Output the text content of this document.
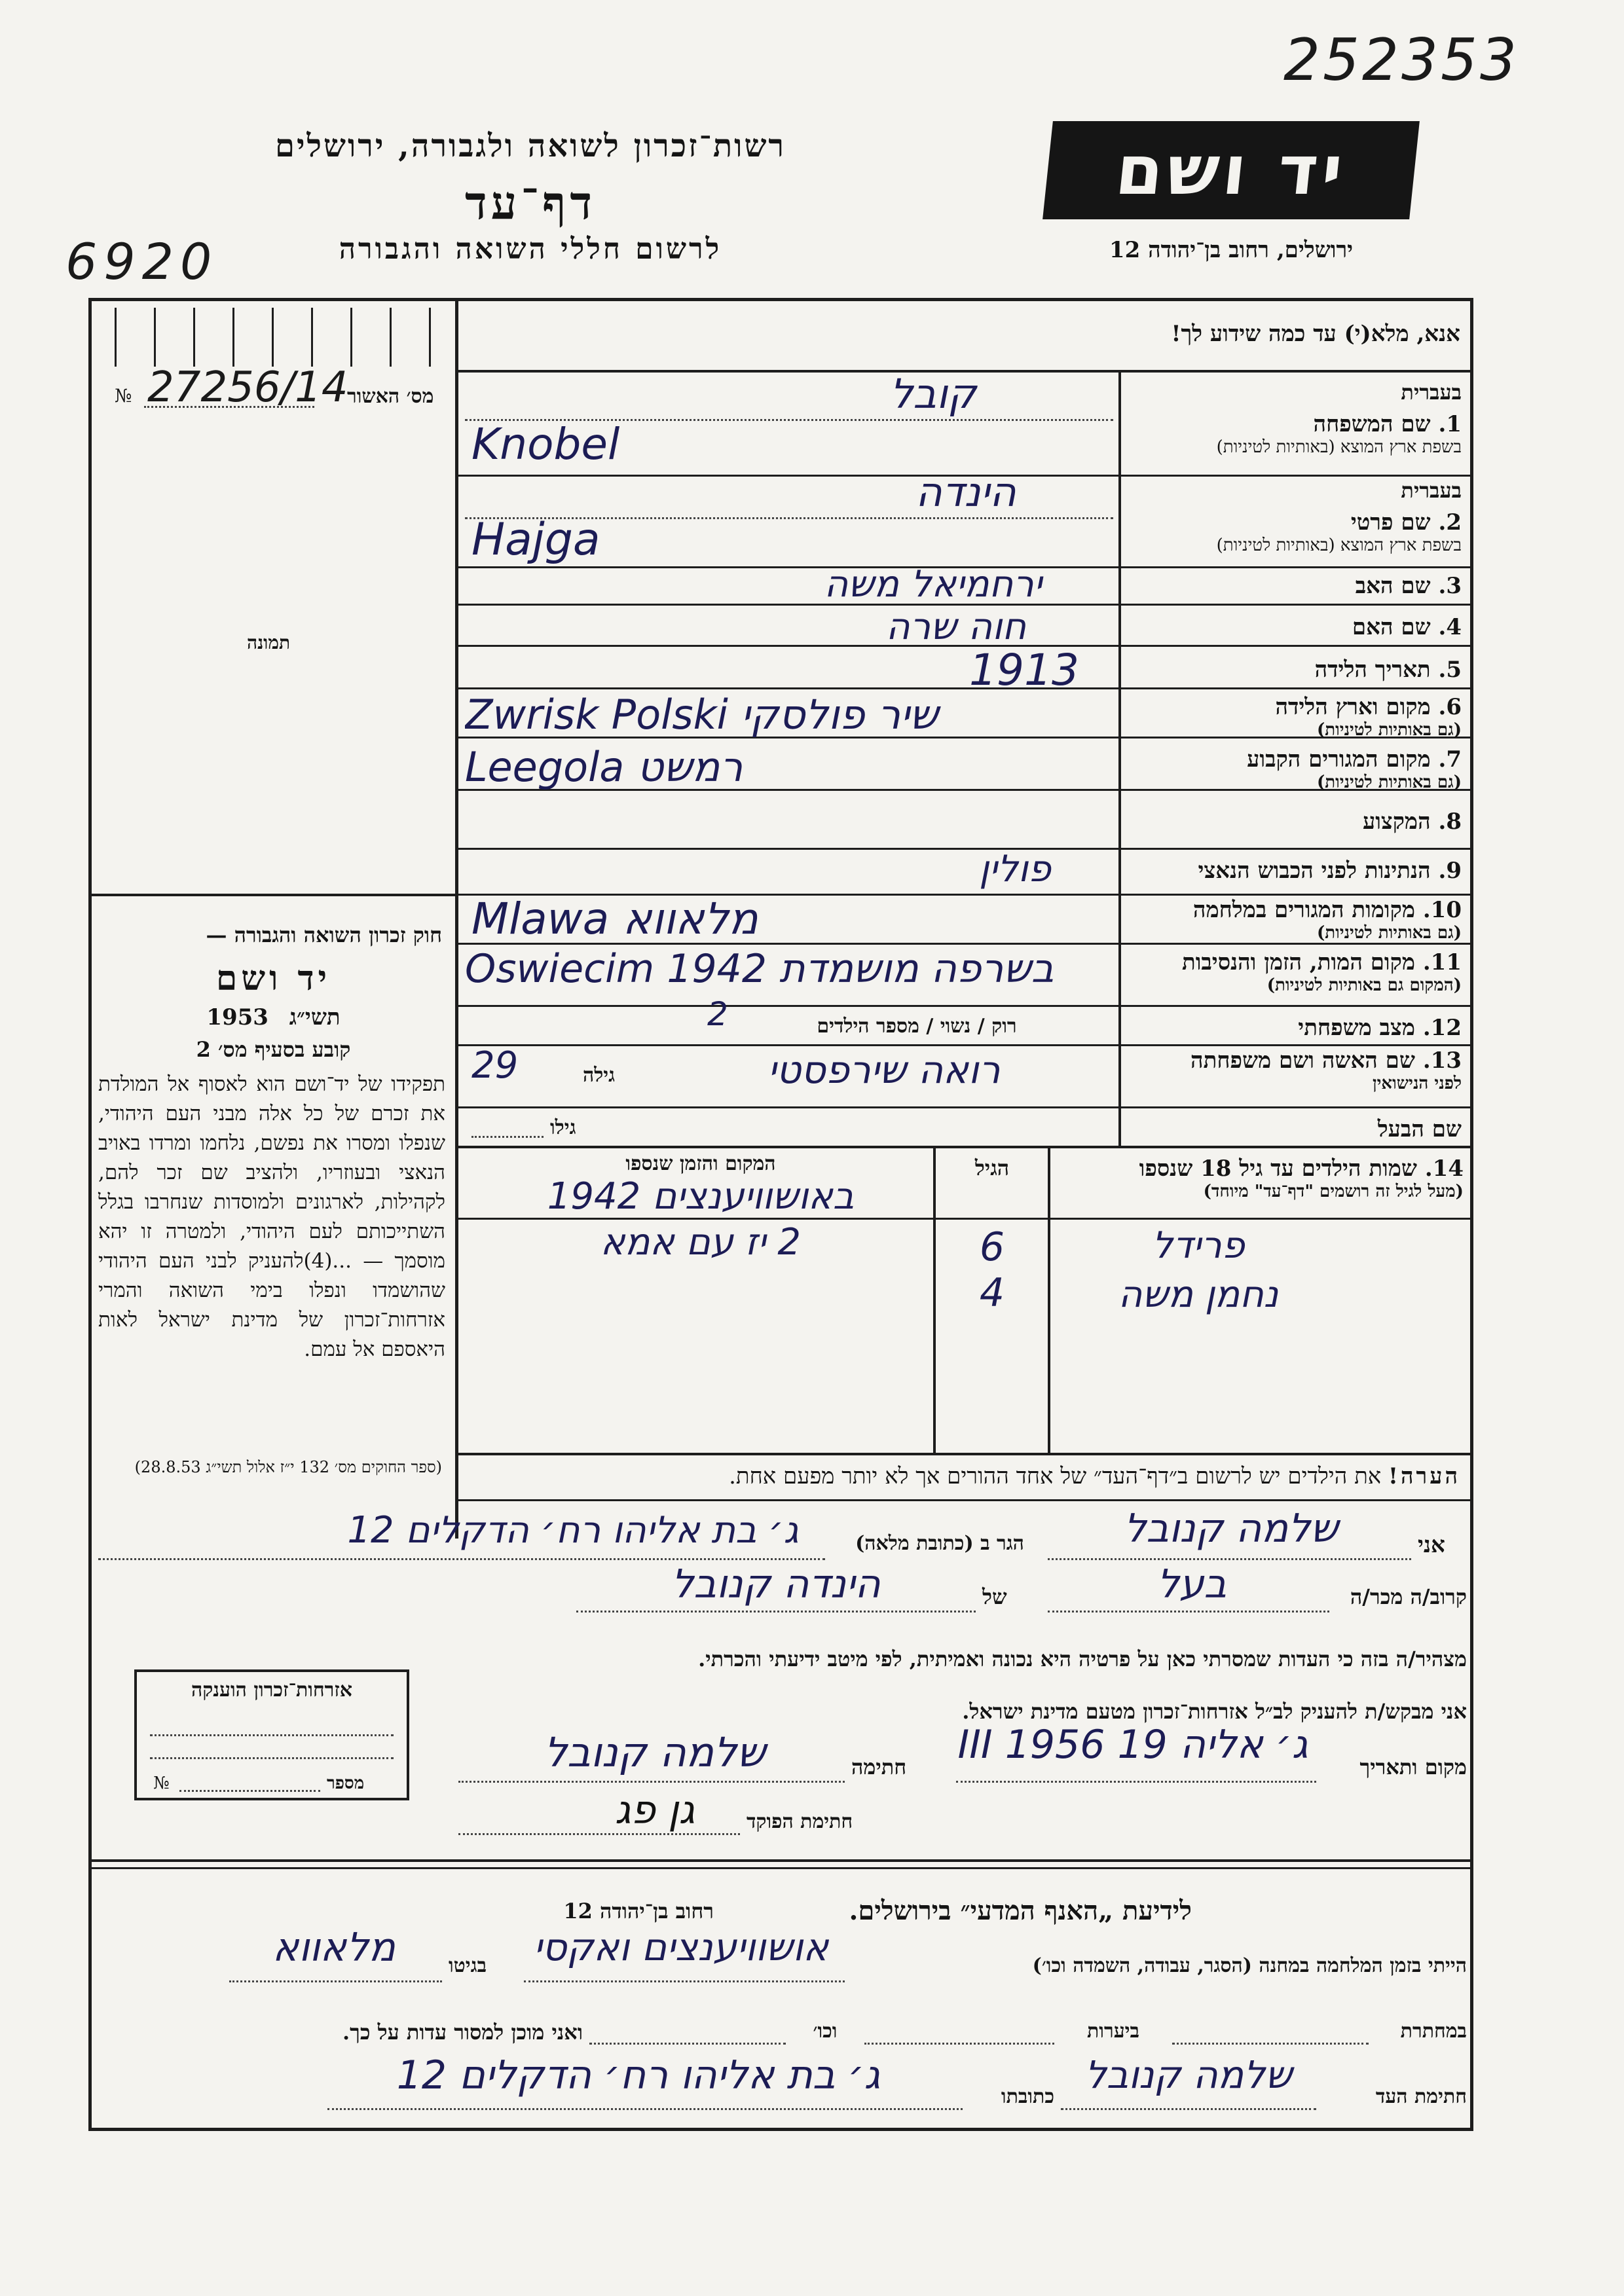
252353
6920
יד ושם
רשות־זכרון לשואה ולגבורה, ירושלים
דף־עד
לרשום חללי השואה והגבורה	ירושלים, רחוב בן־יהודה 12
№ 27256/14
מס׳ האשור
תמונה
אנא, מלא(י) עד כמה שידוע לך!
בעברית
1. שם המשפחה
בשפת ארץ המוצא (באותיות לטיניות)
קובל
Knobel
בעברית
2. שם פרטי
בשפת ארץ המוצא (באותיות לטיניות)
הינדה
Hajga
3. שם האב
ירחמיאל משה
4. שם האם
חוה שרה
5. תאריך הלידה
1913
6. מקום וארץ הלידה
(גם באותיות לטיניות)
Zwrisk Polski שיר פולסקי
7. מקום המגורים הקבוע
(גם באותיות לטיניות)
Leegola רמשט
8. המקצוע
9. הנתינות לפני הכבוש הנאצי
פולין
10. מקומות המגורים במלחמה
(גם באותיות לטיניות)
Mlawa מלאווא
11. מקום המות, הזמן והנסיבות
(המקום גם באותיות לטיניות)
Oswiecim 1942 בשרפה מושמדת
12. מצב משפחתי
רוק / נשוי / מספר הילדים
2
13. שם האשה ושם משפחתה
לפני הנישואין
רואה שירפסטי
גילה
29
שם הבעל
גילו
14. שמות הילדים עד גיל 18 שנספו
(מעל לגיל זה רושמים "דף־עד" מיוחד)
הגיל
המקום והזמן שנספו
באושוויענצים 1942
פרידל
6
2 יז עם אמא
נחמן משה
4
הערה! את הילדים יש לרשום ב״דף־העד״ של אחד ההורים אך לא יותר מפעם אחת.
חוק זכרון השואה והגבורה —
יד ושם
תשי״ג 1953
קובע בסעיף מס׳ 2
תפקידו של יד־ושם הוא לאסוף אל המולדת את זכרם של כל אלה מבני העם היהודי, שנפלו ומסרו את נפשם, נלחמו ומרדו באויב הנאצי ובעוזריו, ולהציב שם זכר להם, לקהילות, לארגונים ולמוסדות שנחרבו בגלל השתייכותם לעם היהודי, ולמטרה זו יהא מוסמך — ...(4)להעניק לבני העם היהודי שהושמדו ונפלו בימי השואה והמרי אזרחות־זכרון של מדינת ישראל לאות היאספם אל עמם.
(ספר החוקים מס׳ 132 י״ז אלול תשי״ג 28.8.53)
אני
שלמה קנובל
הגר ב (כתובת מלאה)
ג׳ בת אליהו רח׳ הדקלים 12
קרוב/ה מכר/ה
בעל
של
הינדה קנובל
מצהיר/ה בזה כי העדות שמסרתי כאן על פרטיה היא נכונה ואמיתית, לפי מיטב ידיעתי והכרתי.
אזרחות־זכרון הוענקה
מספר
№
אני מבקש/ת להעניק לב״ל אזרחות־זכרון מטעם מדינת ישראל.
מקום ותאריך
ג׳ אליה 19 III 1956
חתימה
שלמה קנובל
חתימת הפוקד
גן פג
לידיעת „האנף המדעי״ בירושלים.
רחוב בן־יהודה 12
הייתי בזמן המלחמה במחנה (הסגר, עבודה, השמדה וכו׳)
אושוויענצים ואקסי
בגיטו
מלאווא
במחתרת
ביערות
וכו׳
ואני מוכן למסור עדות על כך.
חתימת העד
שלמה קנובל
כתובתו
ג׳ בת אליהו רח׳ הדקלים 12
